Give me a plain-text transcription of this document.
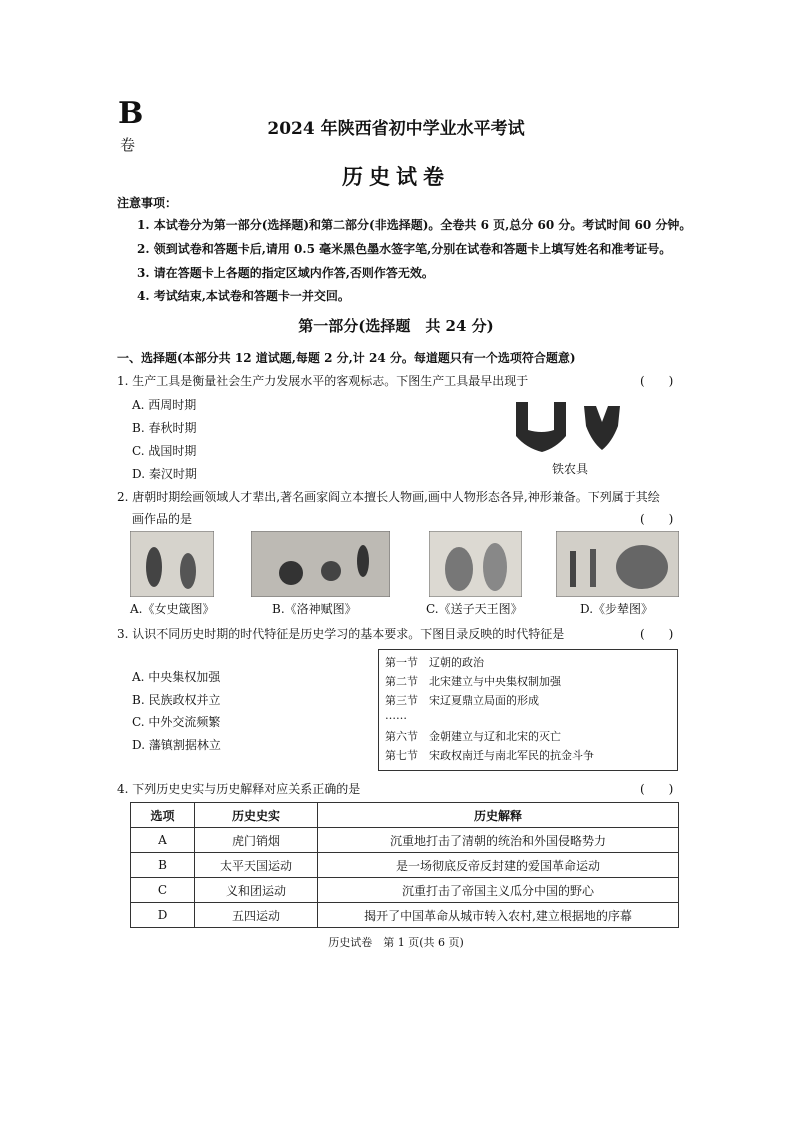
B
卷
2024 年陕西省初中学业水平考试
历史试卷
注意事项：
1. 本试卷分为第一部分(选择题)和第二部分(非选择题)。全卷共 6 页,总分 60 分。考试时间 60 分钟。
2. 领到试卷和答题卡后,请用 0.5 毫米黑色墨水签字笔,分别在试卷和答题卡上填写姓名和准考证号。
3. 请在答题卡上各题的指定区域内作答,否则作答无效。
4. 考试结束,本试卷和答题卡一并交回。
第一部分(选择题　共 24 分)
一、选择题(本部分共 12 道试题,每题 2 分,计 24 分。每道题只有一个选项符合题意)
1. 生产工具是衡量社会生产力发展水平的客观标志。下图生产工具最早出现于	(　　)
A. 西周时期
B. 春秋时期
C. 战国时期
D. 秦汉时期	铁农具
2. 唐朝时期绘画领域人才辈出,著名画家阎立本擅长人物画,画中人物形态各异,神形兼备。下列属于其绘
画作品的是	(　　)
A.《女史箴图》	B.《洛神赋图》	C.《送子天王图》	D.《步辇图》
3. 认识不同历史时期的时代特征是历史学习的基本要求。下图目录反映的时代特征是	(　　)
A. 中央集权加强
B. 民族政权并立
C. 中外交流频繁
D. 藩镇割据林立
第一节　辽朝的政治
第二节　北宋建立与中央集权制加强
第三节　宋辽夏鼎立局面的形成
……
第六节　金朝建立与辽和北宋的灭亡
第七节　宋政权南迁与南北军民的抗金斗争
4. 下列历史史实与历史解释对应关系正确的是	(　　)
选项	历史史实	历史解释
A	虎门销烟	沉重地打击了清朝的统治和外国侵略势力
B	太平天国运动	是一场彻底反帝反封建的爱国革命运动
C	义和团运动	沉重打击了帝国主义瓜分中国的野心
D	五四运动	揭开了中国革命从城市转入农村,建立根据地的序幕
历史试卷　第 1 页(共 6 页)
